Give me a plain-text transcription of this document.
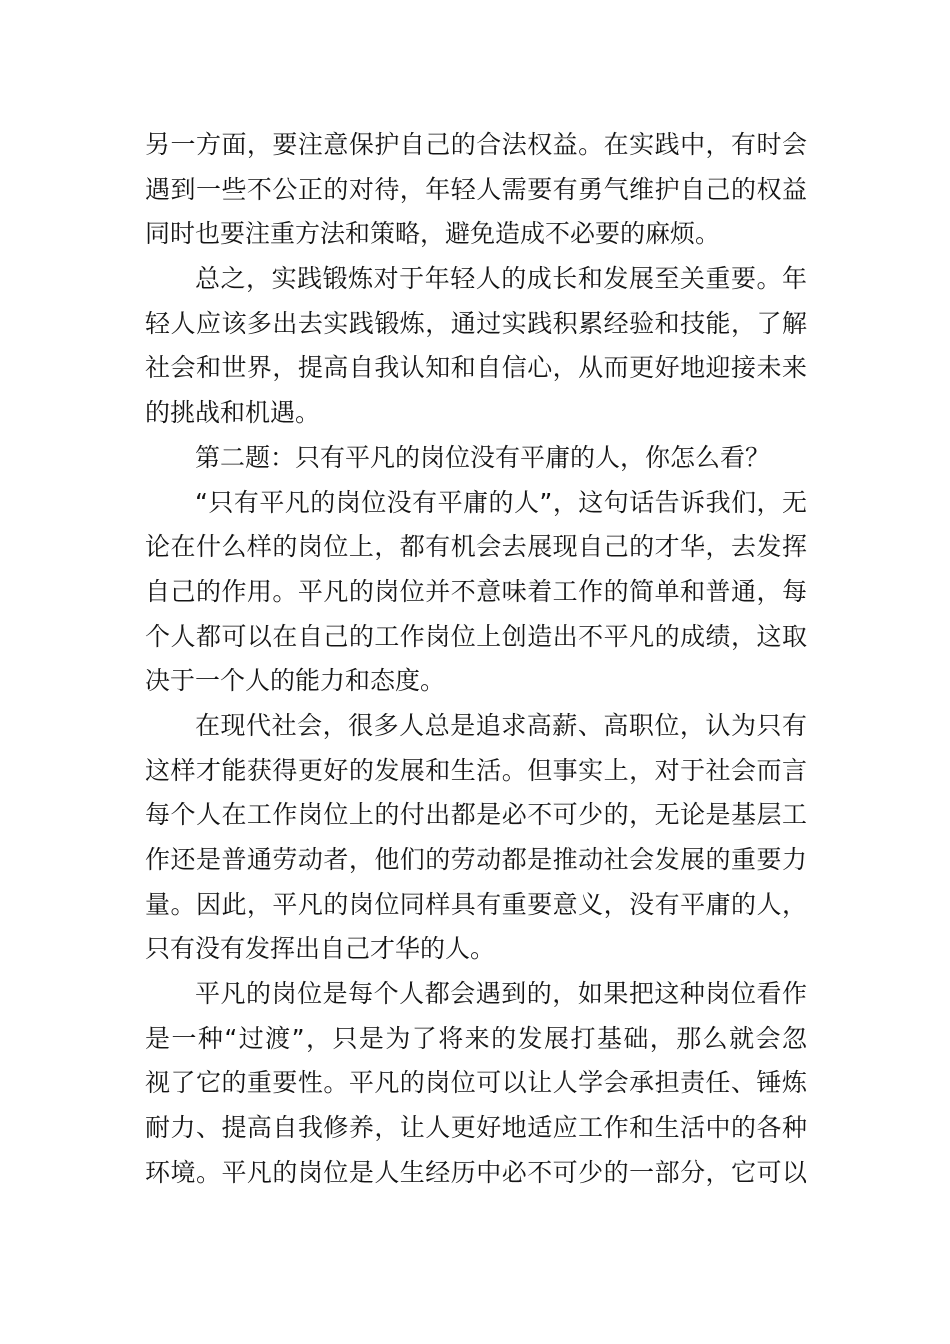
另一方面，要注意保护自己的合法权益。在实践中，有时会
遇到一些不公正的对待，年轻人需要有勇气维护自己的权益
同时也要注重方法和策略，避免造成不必要的麻烦。
总之，实践锻炼对于年轻人的成长和发展至关重要。年
轻人应该多出去实践锻炼，通过实践积累经验和技能，了解
社会和世界，提高自我认知和自信心，从而更好地迎接未来
的挑战和机遇。
第二题：只有平凡的岗位没有平庸的人，你怎么看？
“只有平凡的岗位没有平庸的人”，这句话告诉我们，无
论在什么样的岗位上，都有机会去展现自己的才华，去发挥
自己的作用。平凡的岗位并不意味着工作的简单和普通，每
个人都可以在自己的工作岗位上创造出不平凡的成绩，这取
决于一个人的能力和态度。
在现代社会，很多人总是追求高薪、高职位，认为只有
这样才能获得更好的发展和生活。但事实上，对于社会而言
每个人在工作岗位上的付出都是必不可少的，无论是基层工
作还是普通劳动者，他们的劳动都是推动社会发展的重要力
量。因此，平凡的岗位同样具有重要意义，没有平庸的人，
只有没有发挥出自己才华的人。
平凡的岗位是每个人都会遇到的，如果把这种岗位看作
是一种“过渡”，只是为了将来的发展打基础，那么就会忽
视了它的重要性。平凡的岗位可以让人学会承担责任、锤炼
耐力、提高自我修养，让人更好地适应工作和生活中的各种
环境。平凡的岗位是人生经历中必不可少的一部分，它可以
